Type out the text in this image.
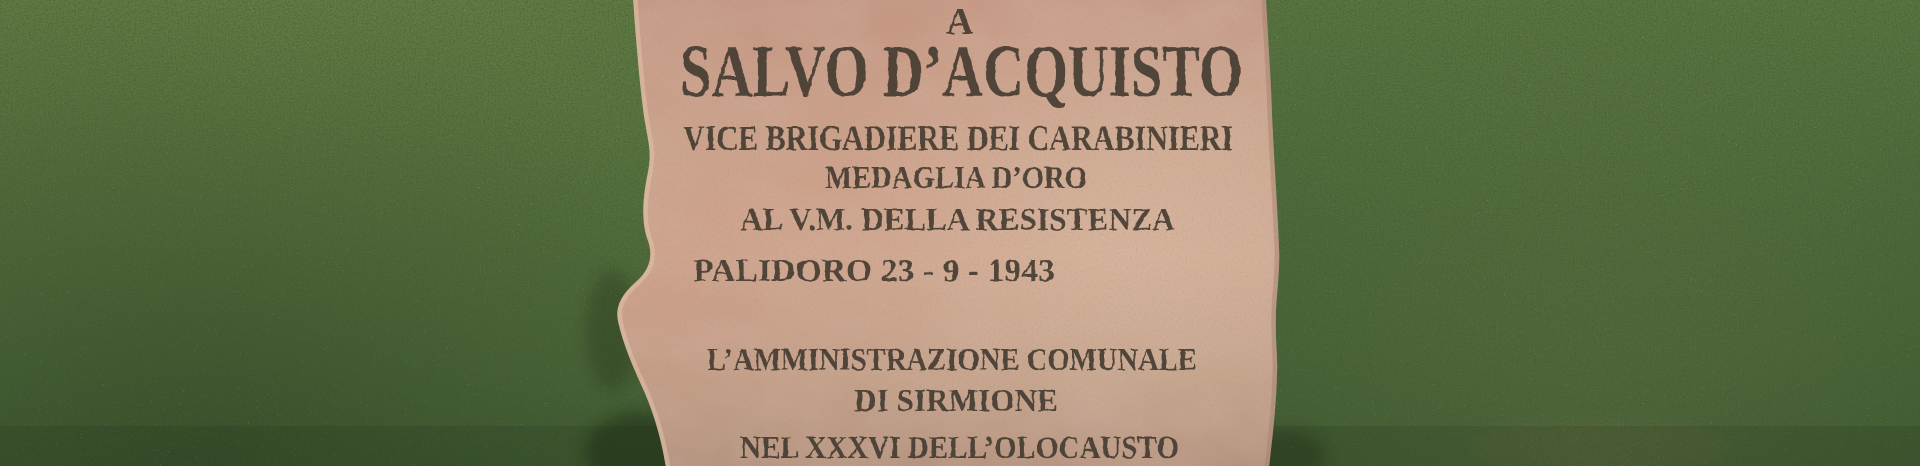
A
SALVO D’ACQUISTO
VICE BRIGADIERE DEI CARABINIERI
MEDAGLIA D’ORO
AL V.M. DELLA RESISTENZA
PALIDORO 23 - 9 - 1943
L’AMMINISTRAZIONE COMUNALE
DI SIRMIONE
NEL XXXVI DELL’OLOCAUSTO
